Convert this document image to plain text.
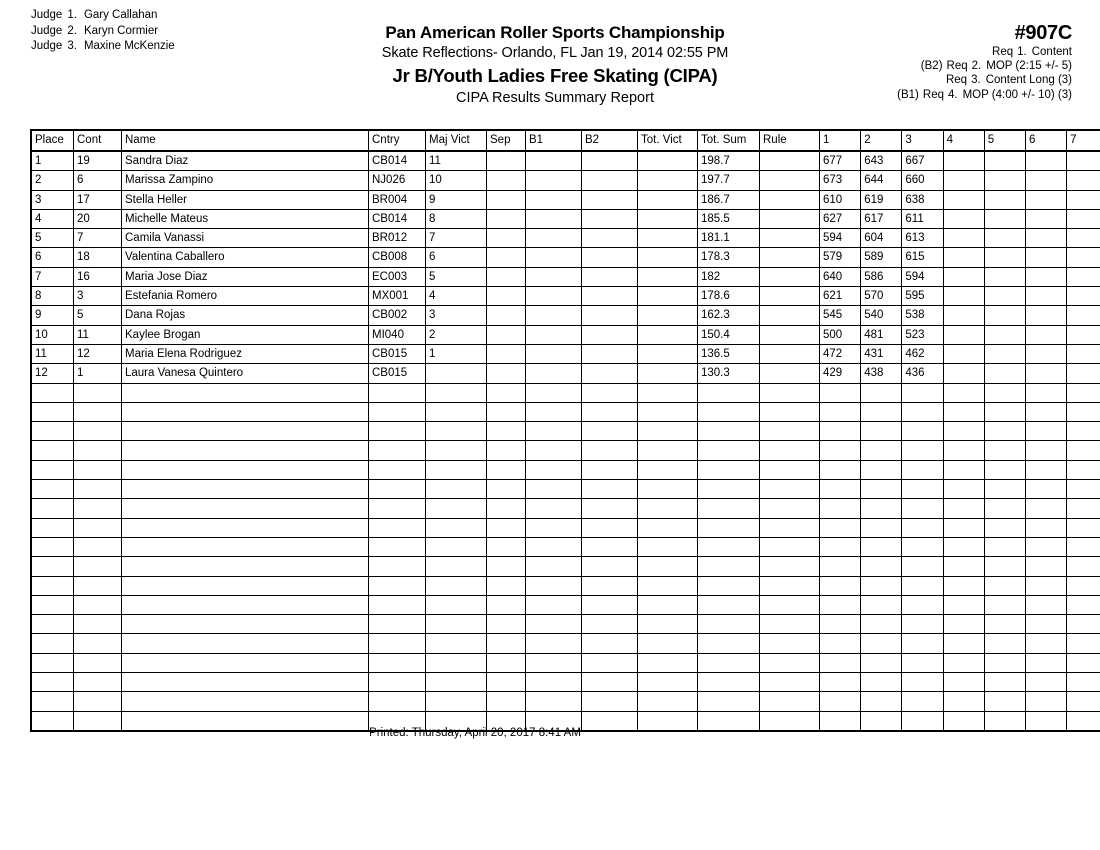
Judge 1. Gary Callahan
Judge 2. Karyn Cormier
Judge 3. Maxine McKenzie
Pan American Roller Sports Championship
Skate Reflections- Orlando, FL Jan 19, 2014 02:55 PM
Jr B/Youth Ladies Free Skating (CIPA)
CIPA Results Summary Report
#907C
Req 1. Content
(B2) Req 2. MOP (2:15 +/- 5)
Req 3. Content Long (3)
(B1) Req 4. MOP (4:00 +/- 10) (3)
Place	Cont	Name	Cntry	Maj Vict	Sep	B1	B2	Tot. Vict	Tot. Sum	Rule	1	2	3	4	5	6	7
1	19	Sandra Diaz	CB014	11					198.7		677	643	667				
2	6	Marissa Zampino	NJ026	10					197.7		673	644	660				
3	17	Stella Heller	BR004	9					186.7		610	619	638				
4	20	Michelle Mateus	CB014	8					185.5		627	617	611				
5	7	Camila Vanassi	BR012	7					181.1		594	604	613				
6	18	Valentina Caballero	CB008	6					178.3		579	589	615				
7	16	Maria Jose Diaz	EC003	5					182		640	586	594				
8	3	Estefania Romero	MX001	4					178.6		621	570	595				
9	5	Dana Rojas	CB002	3					162.3		545	540	538				
10	11	Kaylee Brogan	MI040	2					150.4		500	481	523				
11	12	Maria Elena Rodriguez	CB015	1					136.5		472	431	462				
12	1	Laura Vanesa Quintero	CB015						130.3		429	438	436				

Printed: Thursday, April 20, 2017 8:41 AM
